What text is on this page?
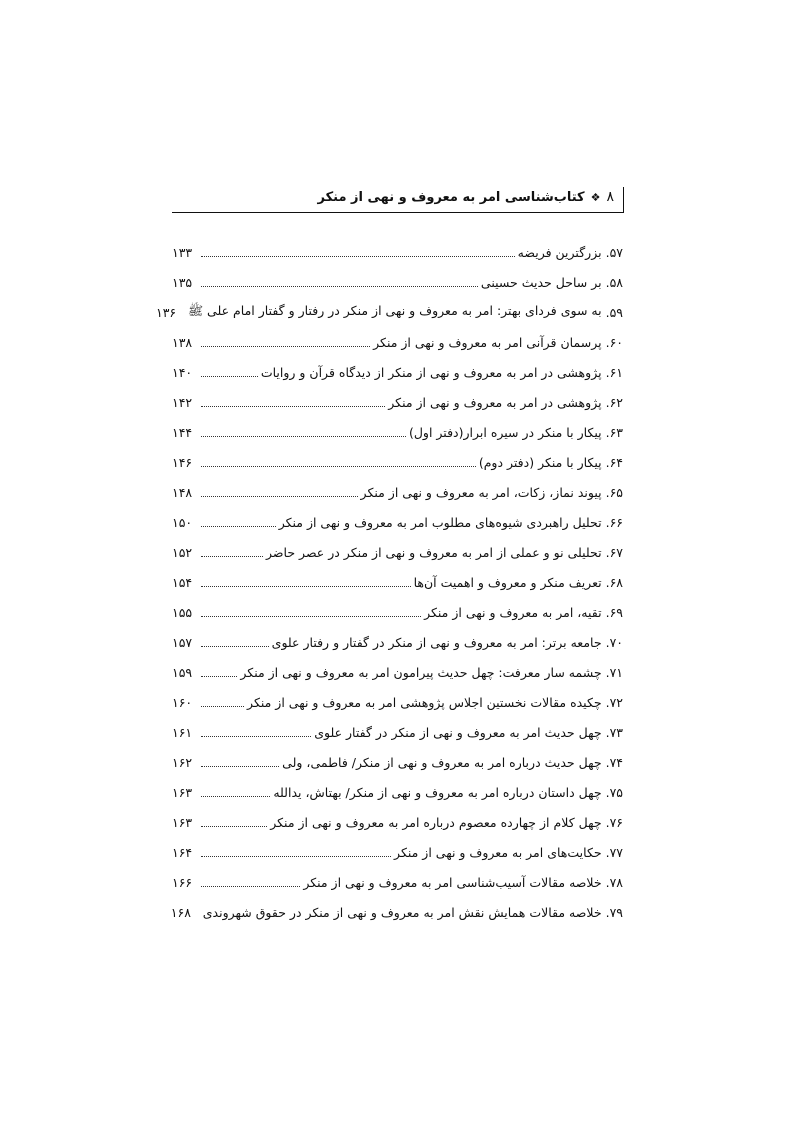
۸
❖
کتاب‌شناسی امر به معروف و نهی از منکر
۵۷.
بزرگترین فریضه
۱۳۳
۵۸.
بر ساحل حدیث حسینی
۱۳۵
۵۹.
به سوی فردای بهتر: امر به معروف و نهی از منکر در رفتار و گفتار امام علی ﷺ
۱۳۶
۶۰.
پرسمان قرآنی امر به معروف و نهی از منکر
۱۳۸
۶۱.
پژوهشی در امر به معروف و نهی از منکر از دیدگاه قرآن و روایات
۱۴۰
۶۲.
پژوهشی در امر به معروف و نهی از منکر
۱۴۲
۶۳.
پیکار با منکر در سیره ابرار(دفتر اول)
۱۴۴
۶۴.
پیکار با منکر (دفتر دوم)
۱۴۶
۶۵.
پیوند نماز، زکات، امر به معروف و نهی از منکر
۱۴۸
۶۶.
تحلیل راهبردی شیوه‌های مطلوب امر به معروف و نهی از منکر
۱۵۰
۶۷.
تحلیلی نو و عملی از امر به معروف و نهی از منکر در عصر حاضر
۱۵۲
۶۸.
تعریف منکر و معروف و اهمیت آن‌ها
۱۵۴
۶۹.
تقیه، امر به معروف و نهی از منکر
۱۵۵
۷۰.
جامعه برتر: امر به معروف و نهی از منکر در گفتار و رفتار علوی
۱۵۷
۷۱.
چشمه سار معرفت: چهل حدیث پیرامون امر به معروف و نهی از منکر
۱۵۹
۷۲.
چکیده مقالات نخستین اجلاس پژوهشی امر به معروف و نهی از منکر
۱۶۰
۷۳.
چهل حدیث امر به معروف و نهی از منکر در گفتار علوی
۱۶۱
۷۴.
چهل حدیث درباره امر به معروف و نهی از منکر/ فاطمی، ولی
۱۶۲
۷۵.
چهل داستان درباره امر به معروف و نهی از منکر/ بهتاش، یدالله
۱۶۳
۷۶.
چهل کلام از چهارده معصوم درباره امر به معروف و نهی از منکر
۱۶۳
۷۷.
حکایت‌های امر به معروف و نهی از منکر
۱۶۴
۷۸.
خلاصه مقالات آسیب‌شناسی امر به معروف و نهی از منکر
۱۶۶
۷۹.
خلاصه مقالات همایش نقش امر به معروف و نهی از منکر در حقوق شهروندی
۱۶۸
